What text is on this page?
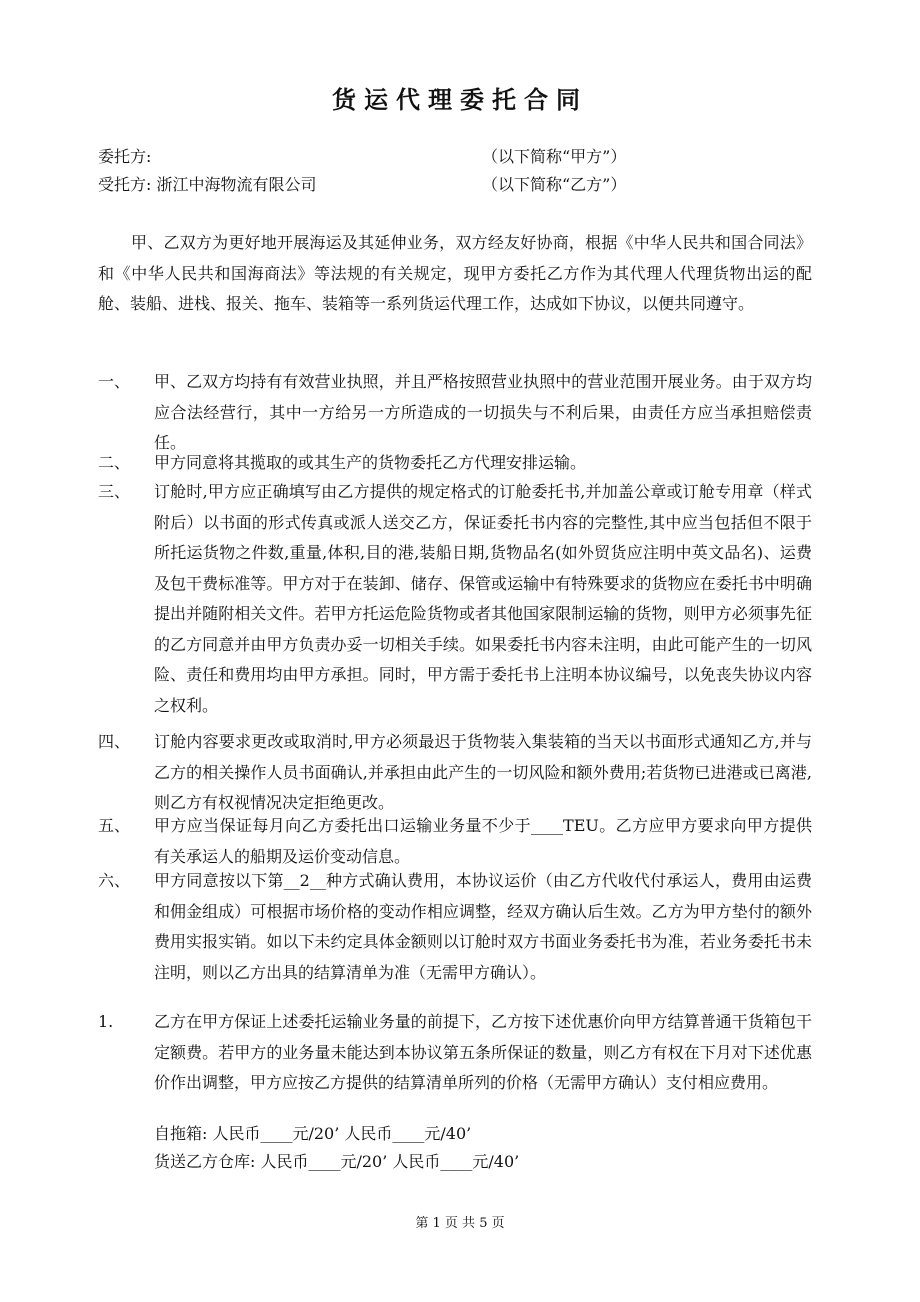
货运代理委托合同
委托方:	（以下简称“甲方”）
受托方: 浙江中海物流有限公司	（以下简称“乙方”）
甲、乙双方为更好地开展海运及其延伸业务，双方经友好协商，根据《中华人民共和国合同法》和《中华人民共和国海商法》等法规的有关规定，现甲方委托乙方作为其代理人代理货物出运的配舱、装船、进栈、报关、拖车、装箱等一系列货运代理工作，达成如下协议，以便共同遵守。
一、 甲、乙双方均持有有效营业执照，并且严格按照营业执照中的营业范围开展业务。由于双方均应合法经营行，其中一方给另一方所造成的一切损失与不利后果，由责任方应当承担赔偿责任。
二、 甲方同意将其揽取的或其生产的货物委托乙方代理安排运输。
三、 订舱时,甲方应正确填写由乙方提供的规定格式的订舱委托书,并加盖公章或订舱专用章（样式附后）以书面的形式传真或派人送交乙方，保证委托书内容的完整性,其中应当包括但不限于所托运货物之件数,重量,体积,目的港,装船日期,货物品名(如外贸货应注明中英文品名)、运费及包干费标准等。甲方对于在装卸、储存、保管或运输中有特殊要求的货物应在委托书中明确提出并随附相关文件。若甲方托运危险货物或者其他国家限制运输的货物，则甲方必须事先征的乙方同意并由甲方负责办妥一切相关手续。如果委托书内容未注明，由此可能产生的一切风险、责任和费用均由甲方承担。同时，甲方需于委托书上注明本协议编号，以免丧失协议内容之权利。
四、 订舱内容要求更改或取消时,甲方必须最迟于货物装入集装箱的当天以书面形式通知乙方,并与乙方的相关操作人员书面确认,并承担由此产生的一切风险和额外费用;若货物已进港或已离港,则乙方有权视情况决定拒绝更改。
五、 甲方应当保证每月向乙方委托出口运输业务量不少于____TEU。乙方应甲方要求向甲方提供有关承运人的船期及运价变动信息。
六、 甲方同意按以下第__2__种方式确认费用，本协议运价（由乙方代收代付承运人，费用由运费和佣金组成）可根据市场价格的变动作相应调整，经双方确认后生效。乙方为甲方垫付的额外费用实报实销。如以下未约定具体金额则以订舱时双方书面业务委托书为准，若业务委托书未注明，则以乙方出具的结算清单为准（无需甲方确认）。
1.	乙方在甲方保证上述委托运输业务量的前提下，乙方按下述优惠价向甲方结算普通干货箱包干定额费。若甲方的业务量未能达到本协议第五条所保证的数量，则乙方有权在下月对下述优惠价作出调整，甲方应按乙方提供的结算清单所列的价格（无需甲方确认）支付相应费用。
自拖箱: 人民币____元/20’ 人民币____元/40’
货送乙方仓库: 人民币____元/20’ 人民币____元/40’
第 1 页 共 5 页
